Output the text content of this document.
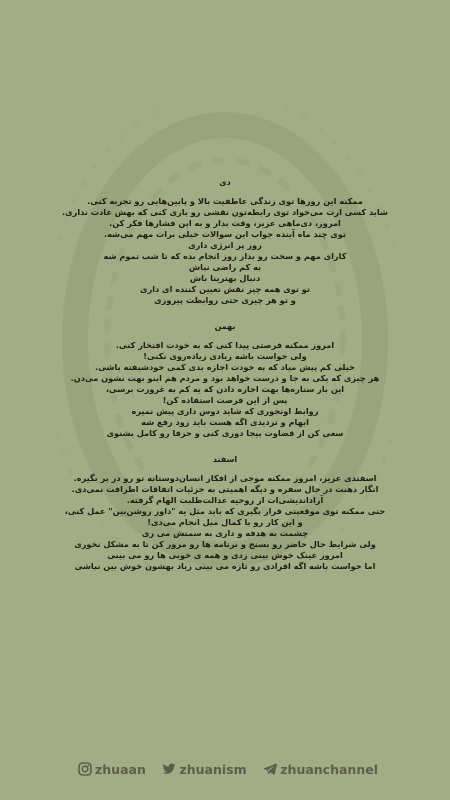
دی

ممکنه این روزها توی زندگی عاطفیت بالا و پایین‌هایی رو تجربه کنی.

شاید کسی ازت می‌خواد توی رابطه‌تون نقشی رو بازی کنی که بهش عادت نداری.

امروز، دی‌ماهی عزیز، وقت بذار و به این فشارها فکر کن.

توی چند ماه آینده جواب این سوالات خیلی برات مهم می‌شه.

روز پر انرژی داری

کارای مهم و سخت رو بذار روز انجام بده که تا شب تموم شه

به کم راضی نباش

دنبال بهترینا باش

تو توی همه چیز نقش تعیین کننده ای داری

و تو هر چیزی حتی روابطت پیروزی

بهمن

امروز ممکنه فرصتی پیدا کنی که به خودت افتخار کنی.

ولی حواست باشه زیادی زیاده‌روی نکنی!

خیلی کم پیش میاد که به خودت اجازه بدی کمی خودشیفته باشی.

هر چیزی که یکی به جا و درست خواهد بود و مردم هم اینو بهت نشون می‌دن.

این بار ستاره‌ها بهت اجازه دادن که یه کم به غرورت برسی،

پس از این فرصت استفاده کن!

روابط اونجوری که شاید دوس داری پیش نمیره

ابهام و تردیدی اگه هست باید زود رفع شه

سعی کن از قضاوت بیجا دوری کنی و حرفا رو کامل بشنوی

اسفند

اسفندی عزیز، امروز ممکنه موجی از افکار انسان‌دوستانه تو رو در بر بگیره.

انگار ذهنت در حال سفره و دیگه اهمیتی به جزئیات اتفاقات اطرافت نمی‌دی.

آزاداندیشی‌ات از روحیه عدالت‌طلبت الهام گرفته.

حتی ممکنه توی موقعیتی قرار بگیری که باید مثل یه "داور روشن‌بین" عمل کنی،

و این کار رو با کمال میل انجام می‌دی!

چشمت به هدفه و داری به سمتش می ری

ولی شرایط حال حاضر رو بسنج و برنامه ها رو مرور کن تا به مشکل نخوری

امروز عینک خوش بینی زدی و همه ی خوبی ها رو می بینی

اما حواست باشه اگه افرادی رو تازه می بینی زیاد بهشون خوش بین نباشی

zhuaan	zhuanism	zhuanchannel
